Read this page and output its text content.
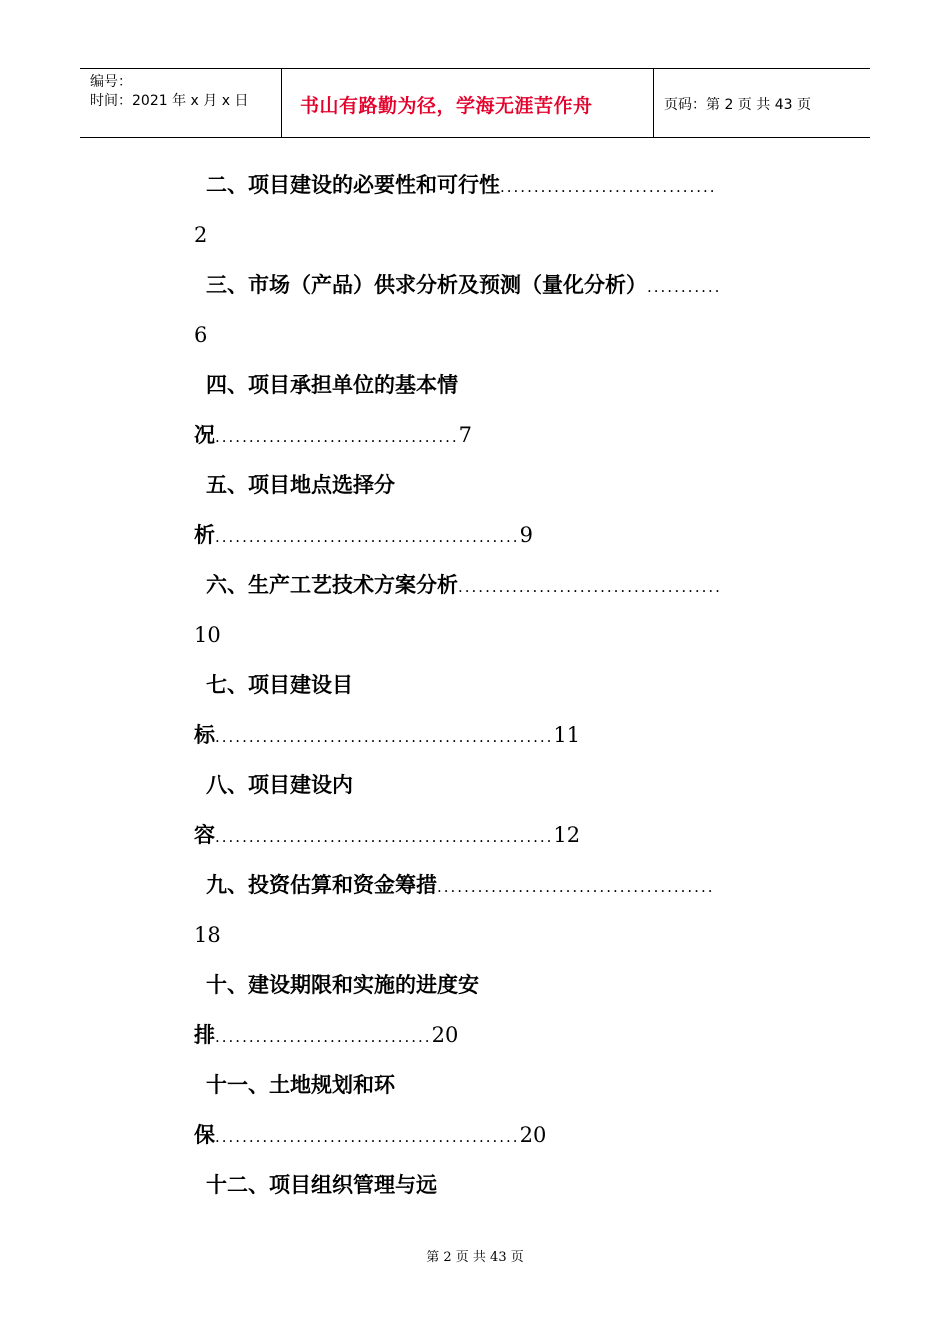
编号：
时间：2021 年 x 月 x 日	书山有路勤为径，学海无涯苦作舟	页码：第 2 页 共 43 页
二、项目建设的必要性和可行性................................
2
三、市场（产品）供求分析及预测（量化分析）...........
6
四、项目承担单位的基本情
况....................................7
五、项目地点选择分
析.............................................9
六、生产工艺技术方案分析.......................................
10
七、项目建设目
标..................................................11
八、项目建设内
容..................................................12
九、投资估算和资金筹措.........................................
18
十、建设期限和实施的进度安
排................................20
十一、土地规划和环
保.............................................20
十二、项目组织管理与远
第 2 页 共 43 页
